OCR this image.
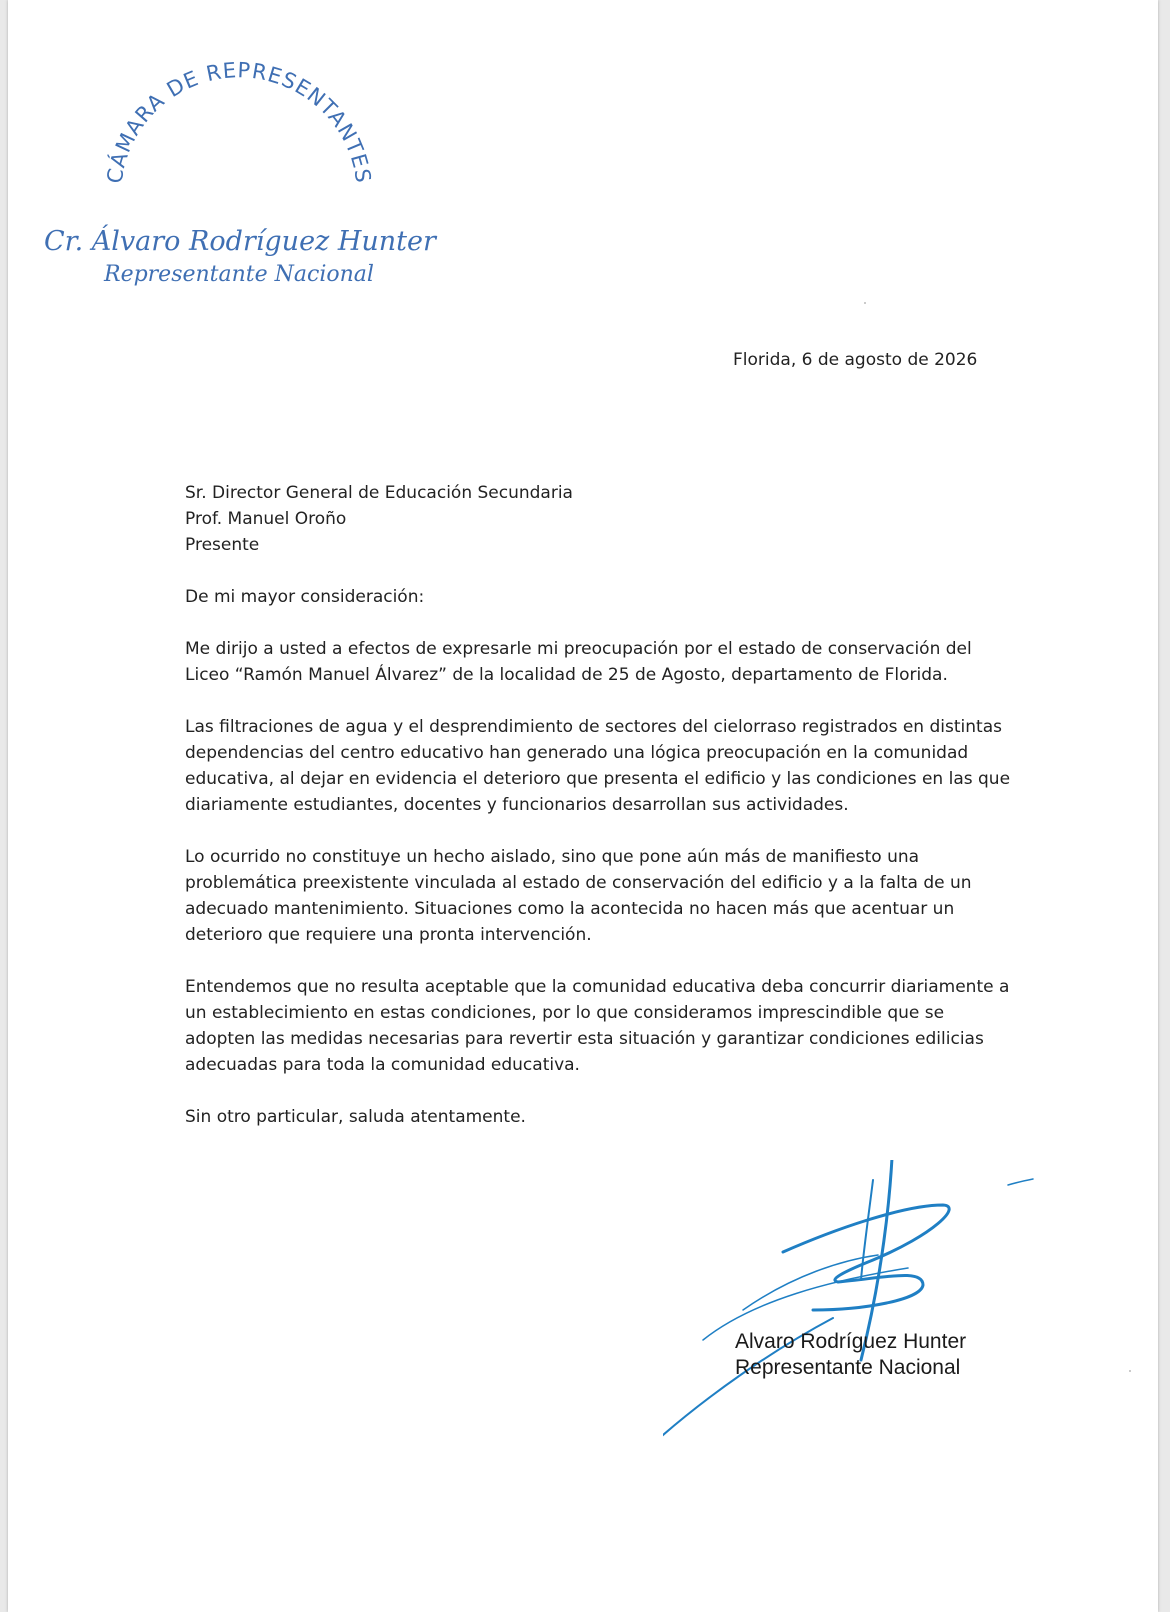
CÁMARA DE REPRESENTANTES
Cr. Álvaro Rodríguez Hunter
Representante Nacional
Florida, 6 de agosto de 2026

Sr. Director General de Educación Secundaria
Prof. Manuel Oroño
Presente

De mi mayor consideración:

Me dirijo a usted a efectos de expresarle mi preocupación por el estado de conservación del Liceo “Ramón Manuel Álvarez” de la localidad de 25 de Agosto, departamento de Florida.

Las filtraciones de agua y el desprendimiento de sectores del cielorraso registrados en distintas dependencias del centro educativo han generado una lógica preocupación en la comunidad educativa, al dejar en evidencia el deterioro que presenta el edificio y las condiciones en las que diariamente estudiantes, docentes y funcionarios desarrollan sus actividades.

Lo ocurrido no constituye un hecho aislado, sino que pone aún más de manifiesto una problemática preexistente vinculada al estado de conservación del edificio y a la falta de un adecuado mantenimiento. Situaciones como la acontecida no hacen más que acentuar un deterioro que requiere una pronta intervención.

Entendemos que no resulta aceptable que la comunidad educativa deba concurrir diariamente a un establecimiento en estas condiciones, por lo que consideramos imprescindible que se adopten las medidas necesarias para revertir esta situación y garantizar condiciones edilicias adecuadas para toda la comunidad educativa.

Sin otro particular, saluda atentamente.

Alvaro Rodríguez Hunter
Representante Nacional
